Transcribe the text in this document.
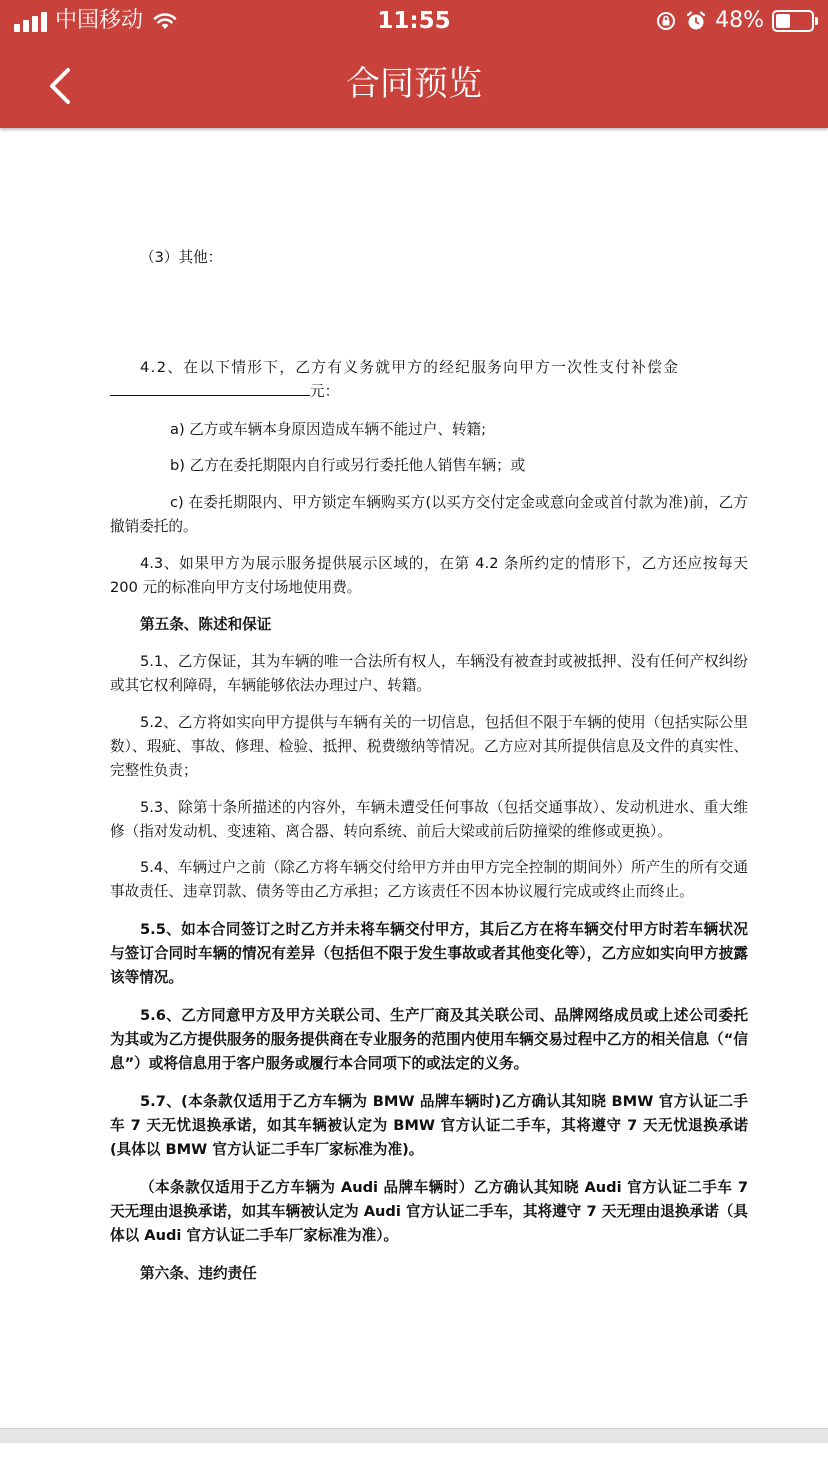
中国移动	11:55	48%
合同预览

（3）其他：

4.2、在以下情形下，乙方有义务就甲方的经纪服务向甲方一次性支付补偿金

元：

a) 乙方或车辆本身原因造成车辆不能过户、转籍;

b) 乙方在委托期限内自行或另行委托他人销售车辆；或

c) 在委托期限内、甲方锁定车辆购买方(以买方交付定金或意向金或首付款为准)前，乙方撤销委托的。

4.3、如果甲方为展示服务提供展示区域的，在第 4.2 条所约定的情形下，乙方还应按每天 200 元的标准向甲方支付场地使用费。

第五条、陈述和保证

5.1、乙方保证，其为车辆的唯一合法所有权人，车辆没有被查封或被抵押、没有任何产权纠纷或其它权利障碍，车辆能够依法办理过户、转籍。

5.2、乙方将如实向甲方提供与车辆有关的一切信息，包括但不限于车辆的使用（包括实际公里数）、瑕疵、事故、修理、检验、抵押、税费缴纳等情况。乙方应对其所提供信息及文件的真实性、完整性负责；

5.3、除第十条所描述的内容外，车辆未遭受任何事故（包括交通事故）、发动机进水、重大维修（指对发动机、变速箱、离合器、转向系统、前后大梁或前后防撞梁的维修或更换）。

5.4、车辆过户之前（除乙方将车辆交付给甲方并由甲方完全控制的期间外）所产生的所有交通事故责任、违章罚款、债务等由乙方承担；乙方该责任不因本协议履行完成或终止而终止。

5.5、如本合同签订之时乙方并未将车辆交付甲方，其后乙方在将车辆交付甲方时若车辆状况与签订合同时车辆的情况有差异（包括但不限于发生事故或者其他变化等），乙方应如实向甲方披露该等情况。

5.6、乙方同意甲方及甲方关联公司、生产厂商及其关联公司、品牌网络成员或上述公司委托为其或为乙方提供服务的服务提供商在专业服务的范围内使用车辆交易过程中乙方的相关信息（“信息”）或将信息用于客户服务或履行本合同项下的或法定的义务。

5.7、(本条款仅适用于乙方车辆为 BMW 品牌车辆时)乙方确认其知晓 BMW 官方认证二手车 7 天无忧退换承诺，如其车辆被认定为 BMW 官方认证二手车，其将遵守 7 天无忧退换承诺(具体以 BMW 官方认证二手车厂家标准为准)。

（本条款仅适用于乙方车辆为 Audi 品牌车辆时）乙方确认其知晓 Audi 官方认证二手车 7 天无理由退换承诺，如其车辆被认定为 Audi 官方认证二手车，其将遵守 7 天无理由退换承诺（具体以 Audi 官方认证二手车厂家标准为准）。

第六条、违约责任
